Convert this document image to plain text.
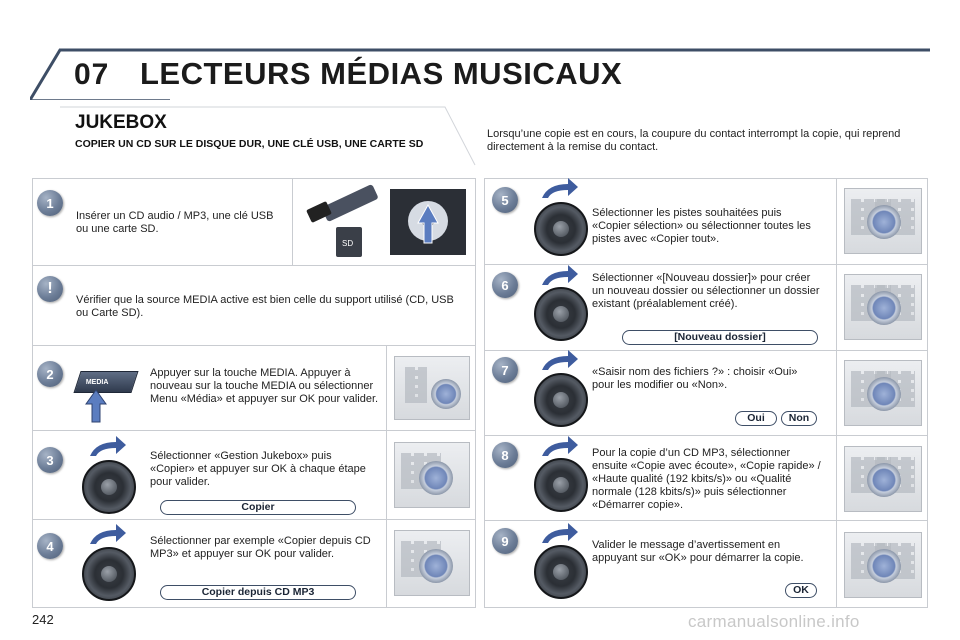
07 LECTEURS MÉDIAS MUSICAUX
JUKEBOX
COPIER UN CD SUR LE DISQUE DUR, UNE CLÉ USB, UNE CARTE SD
Lorsqu’une copie est en cours, la coupure du contact interrompt la copie, qui reprend directement à la remise du contact.
1
Insérer un CD audio / MP3, une clé USB ou une carte SD.
SD
!
Vérifier que la source MEDIA active est bien celle du support utilisé (CD, USB ou Carte SD).
2
MEDIA
Appuyer sur la touche MEDIA. Appuyer à nouveau sur la touche MEDIA ou sélectionner Menu «Média» et appuyer sur OK pour valider.
3	Sélectionner «Gestion Jukebox» puis «Copier» et appuyer sur OK à chaque étape pour valider.
Copier
4	Sélectionner par exemple «Copier depuis CD MP3» et appuyer sur OK pour valider.
Copier depuis CD MP3
5
Sélectionner les pistes souhaitées puis «Copier sélection» ou sélectionner toutes les pistes avec «Copier tout».
6	Sélectionner «[Nouveau dossier]» pour créer un nouveau dossier ou sélectionner un dossier existant (préalablement créé).
[Nouveau dossier]
7	«Saisir nom des fichiers ?» : choisir «Oui» pour les modifier ou «Non».
Oui	Non
8	Pour la copie d’un CD MP3, sélectionner ensuite «Copie avec écoute», «Copie rapide» / «Haute qualité (192 kbits/s)» ou «Qualité normale (128 kbits/s)» puis sélectionner «Démarrer copie».
9	Valider le message d’avertissement en appuyant sur «OK» pour démarrer la copie.
OK
242	carmanualsonline.info
